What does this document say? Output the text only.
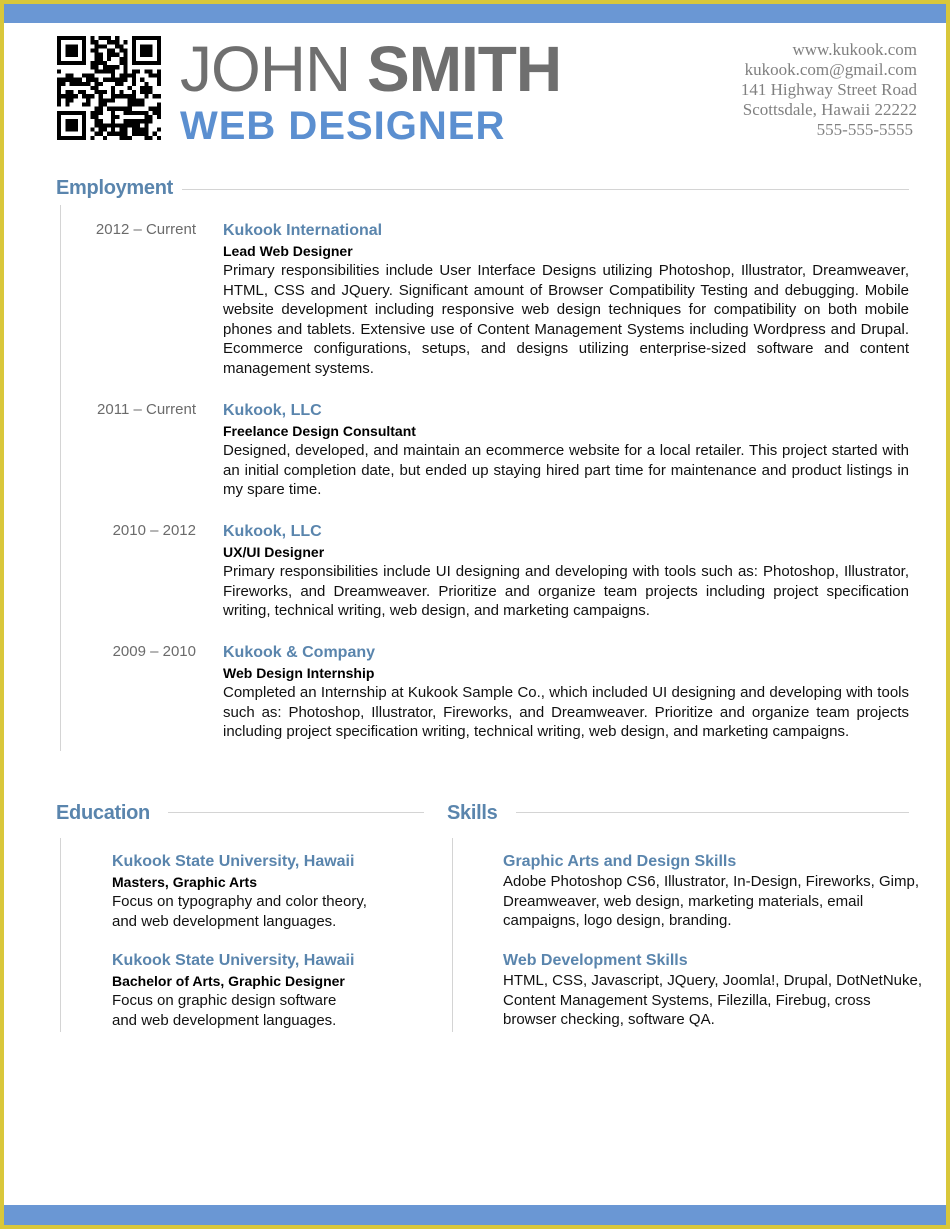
JOHN SMITH
WEB DESIGNER
www.kukook.com
kukook.com@gmail.com
141 Highway Street Road
Scottsdale, Hawaii 22222
555-555-5555
Employment
2012 – Current Kukook International
Lead Web Designer
Primary responsibilities include User Interface Designs utilizing Photoshop, Illustrator, Dreamweaver, HTML, CSS and JQuery. Significant amount of Browser Compatibility Testing and debugging. Mobile website development including responsive web design techniques for compatibility on both mobile phones and tablets. Extensive use of Content Management Systems including Wordpress and Drupal. Ecommerce configurations, setups, and designs utilizing enterprise-sized software and content management systems.
2011 – Current Kukook, LLC
Freelance Design Consultant
Designed, developed, and maintain an ecommerce website for a local retailer. This project started with an initial completion date, but ended up staying hired part time for maintenance and product listings in my spare time.
2010 – 2012 Kukook, LLC
UX/UI Designer
Primary responsibilities include UI designing and developing with tools such as: Photoshop, Illustrator, Fireworks, and Dreamweaver. Prioritize and organize team projects including project specification writing, technical writing, web design, and marketing campaigns.
2009 – 2010 Kukook & Company
Web Design Internship
Completed an Internship at Kukook Sample Co., which included UI designing and developing with tools such as: Photoshop, Illustrator, Fireworks, and Dreamweaver. Prioritize and organize team projects including project specification writing, technical writing, web design, and marketing campaigns.
Education
Kukook State University, Hawaii
Masters, Graphic Arts
Focus on typography and color theory,
and web development languages.
Kukook State University, Hawaii
Bachelor of Arts, Graphic Designer
Focus on graphic design software
and web development languages.
Skills
Graphic Arts and Design Skills
Adobe Photoshop CS6, Illustrator, In-Design, Fireworks, Gimp,
Dreamweaver, web design, marketing materials, email
campaigns, logo design, branding.
Web Development Skills
HTML, CSS, Javascript, JQuery, Joomla!, Drupal, DotNetNuke,
Content Management Systems, Filezilla, Firebug, cross
browser checking, software QA.
